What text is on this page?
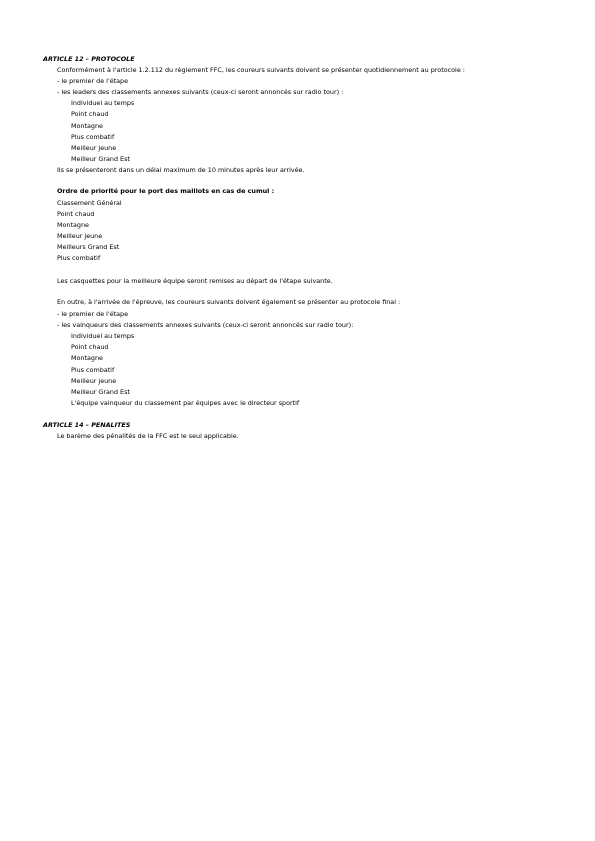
ARTICLE 12 – PROTOCOLE
Conformément à l'article 1.2.112 du règlement FFC, les coureurs suivants doivent se présenter quotidiennement au protocole :
- le premier de l'étape
- les leaders des classements annexes suivants (ceux-ci seront annoncés sur radio tour) :
Individuel au temps
Point chaud
Montagne
Plus combatif
Meilleur jeune
Meilleur Grand Est
Ils se présenteront dans un délai maximum de 10 minutes après leur arrivée.
Ordre de priorité pour le port des maillots en cas de cumul :
Classement Général
Point chaud
Montagne
Meilleur jeune
Meilleurs Grand Est
Plus combatif
Les casquettes pour la meilleure équipe seront remises au départ de l'étape suivante.
En outre, à l'arrivée de l'épreuve, les coureurs suivants doivent également se présenter au protocole final :
- le premier de l'étape
- les vainqueurs des classements annexes suivants (ceux-ci seront annoncés sur radio tour):
Individuel au temps
Point chaud
Montagne
Plus combatif
Meilleur jeune
Meilleur Grand Est
L'équipe vainqueur du classement par équipes avec le directeur sportif
ARTICLE 14 – PENALITES
Le barème des pénalités de la FFC est le seul applicable.
